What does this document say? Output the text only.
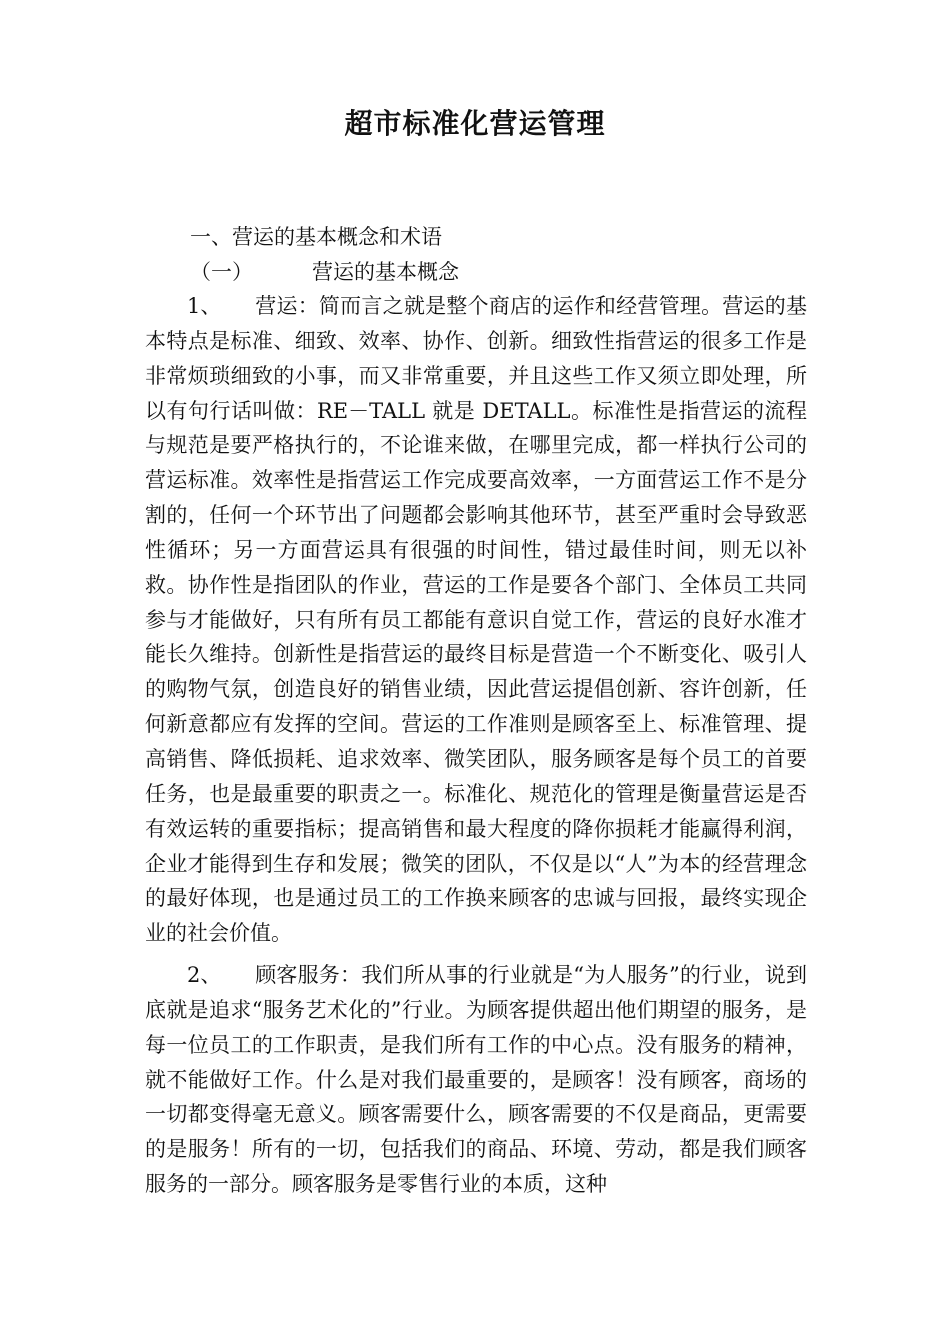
超市标准化营运管理
一、营运的基本概念和术语
（一）	营运的基本概念
1、 营运：简而言之就是整个商店的运作和经营管理。营运的基本特点是标准、细致、效率、协作、创新。细致性指营运的很多工作是非常烦琐细致的小事，而又非常重要，并且这些工作又须立即处理，所以有句行话叫做：RE－TALL 就是 DETALL。标准性是指营运的流程与规范是要严格执行的，不论谁来做，在哪里完成，都一样执行公司的营运标准。效率性是指营运工作完成要高效率，一方面营运工作不是分割的，任何一个环节出了问题都会影响其他环节，甚至严重时会导致恶性循环；另一方面营运具有很强的时间性，错过最佳时间，则无以补救。协作性是指团队的作业，营运的工作是要各个部门、全体员工共同参与才能做好，只有所有员工都能有意识自觉工作，营运的良好水准才能长久维持。创新性是指营运的最终目标是营造一个不断变化、吸引人的购物气氛，创造良好的销售业绩，因此营运提倡创新、容许创新，任何新意都应有发挥的空间。营运的工作准则是顾客至上、标准管理、提高销售、降低损耗、追求效率、微笑团队，服务顾客是每个员工的首要任务，也是最重要的职责之一。标准化、规范化的管理是衡量营运是否有效运转的重要指标；提高销售和最大程度的降你损耗才能赢得利润，企业才能得到生存和发展；微笑的团队，不仅是以“人”为本的经营理念的最好体现，也是通过员工的工作换来顾客的忠诚与回报，最终实现企业的社会价值。
2、 顾客服务：我们所从事的行业就是“为人服务”的行业，说到底就是追求“服务艺术化的”行业。为顾客提供超出他们期望的服务，是每一位员工的工作职责，是我们所有工作的中心点。没有服务的精神，就不能做好工作。什么是对我们最重要的，是顾客！没有顾客，商场的一切都变得毫无意义。顾客需要什么，顾客需要的不仅是商品，更需要的是服务！所有的一切，包括我们的商品、环境、劳动，都是我们顾客服务的一部分。顾客服务是零售行业的本质，这种
